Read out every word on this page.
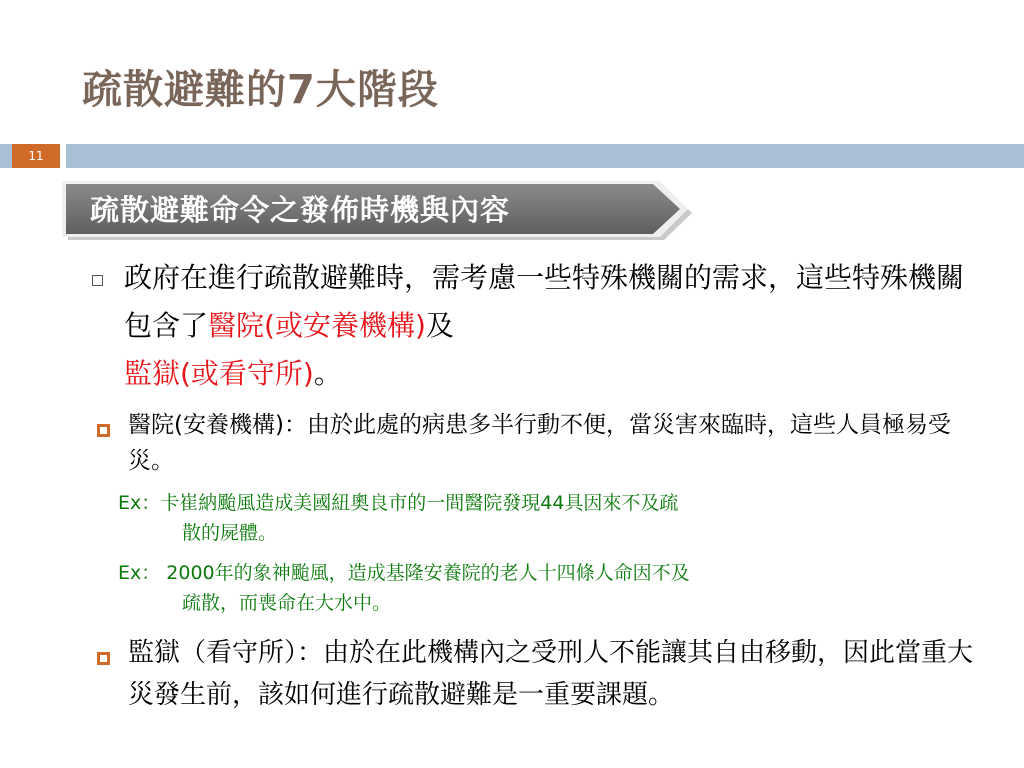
疏散避難的7大階段
11
疏散避難命令之發佈時機與內容
政府在進行疏散避難時，需考慮一些特殊機關的需求，這些特殊機關包含了醫院(或安養機構)及
監獄(或看守所)。
醫院(安養機構)：由於此處的病患多半行動不便，當災害來臨時，這些人員極易受災。
Ex：卡崔納颱風造成美國紐奧良市的一間醫院發現44具因來不及疏
散的屍體。
Ex： 2000年的象神颱風，造成基隆安養院的老人十四條人命因不及
疏散，而喪命在大水中。
監獄（看守所）：由於在此機構內之受刑人不能讓其自由移動，因此當重大災發生前，該如何進行疏散避難是一重要課題。
